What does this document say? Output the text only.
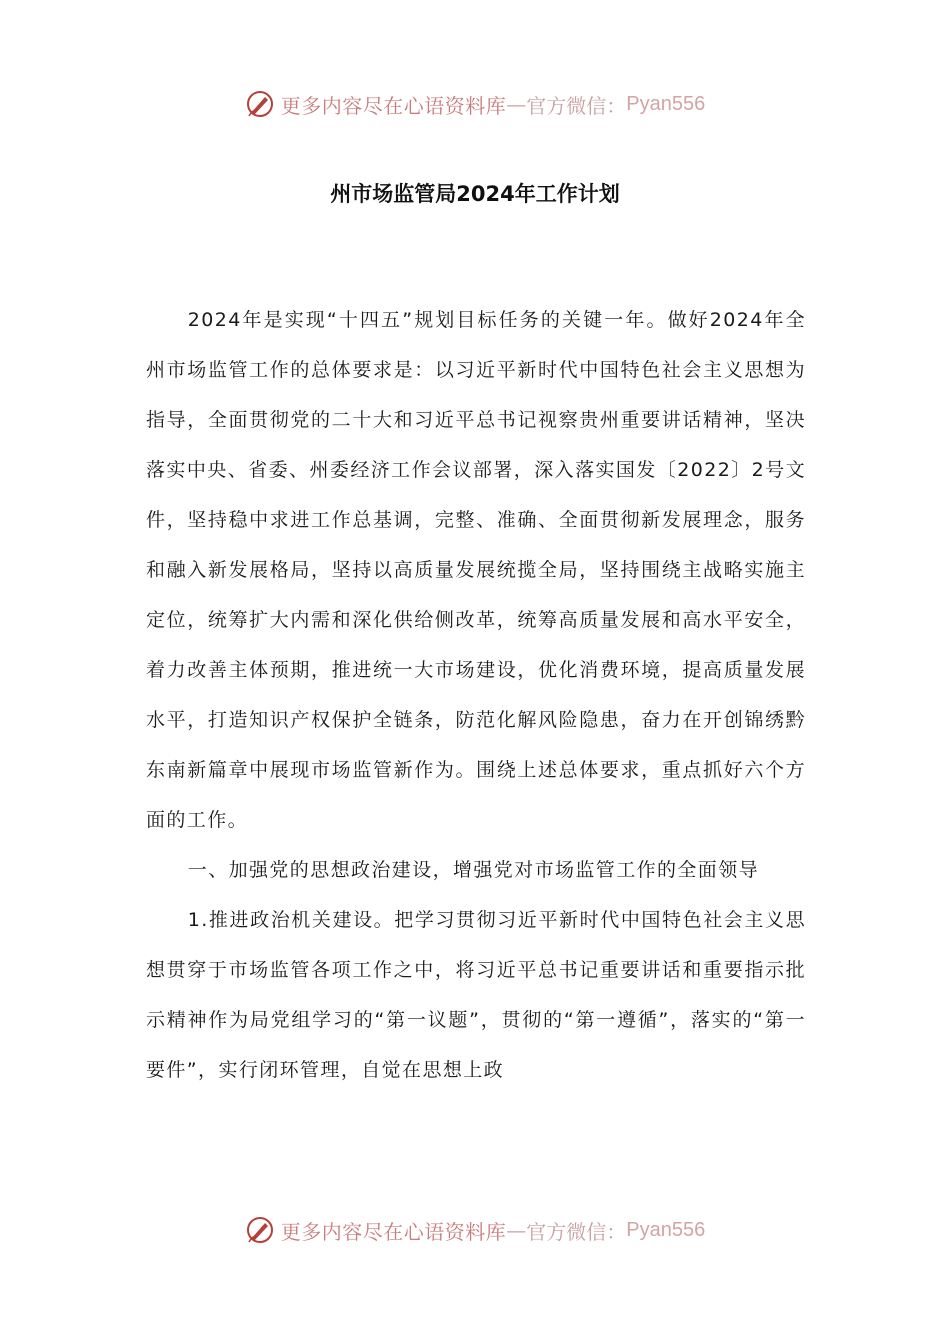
更多内容尽在心语资料库 — 官方微信： Pyan556
州市场监管局2024年工作计划

2024年是实现“十四五”规划目标任务的关键一年。做好2024年全州市场监管工作的总体要求是：以习近平新时代中国特色社会主义思想为指导，全面贯彻党的二十大和习近平总书记视察贵州重要讲话精神，坚决落实中央、省委、州委经济工作会议部署，深入落实国发〔2022〕2号文件，坚持稳中求进工作总基调，完整、准确、全面贯彻新发展理念，服务和融入新发展格局，坚持以高质量发展统揽全局，坚持围绕主战略实施主定位，统筹扩大内需和深化供给侧改革，统筹高质量发展和高水平安全，着力改善主体预期，推进统一大市场建设，优化消费环境，提高质量发展水平，打造知识产权保护全链条，防范化解风险隐患，奋力在开创锦绣黔东南新篇章中展现市场监管新作为。围绕上述总体要求，重点抓好六个方面的工作。

一、加强党的思想政治建设，增强党对市场监管工作的全面领导

1.推进政治机关建设。把学习贯彻习近平新时代中国特色社会主义思想贯穿于市场监管各项工作之中，将习近平总书记重要讲话和重要指示批示精神作为局党组学习的“第一议题”，贯彻的“第一遵循”，落实的“第一要件”，实行闭环管理，自觉在思想上政

更多内容尽在心语资料库 — 官方微信： Pyan556
